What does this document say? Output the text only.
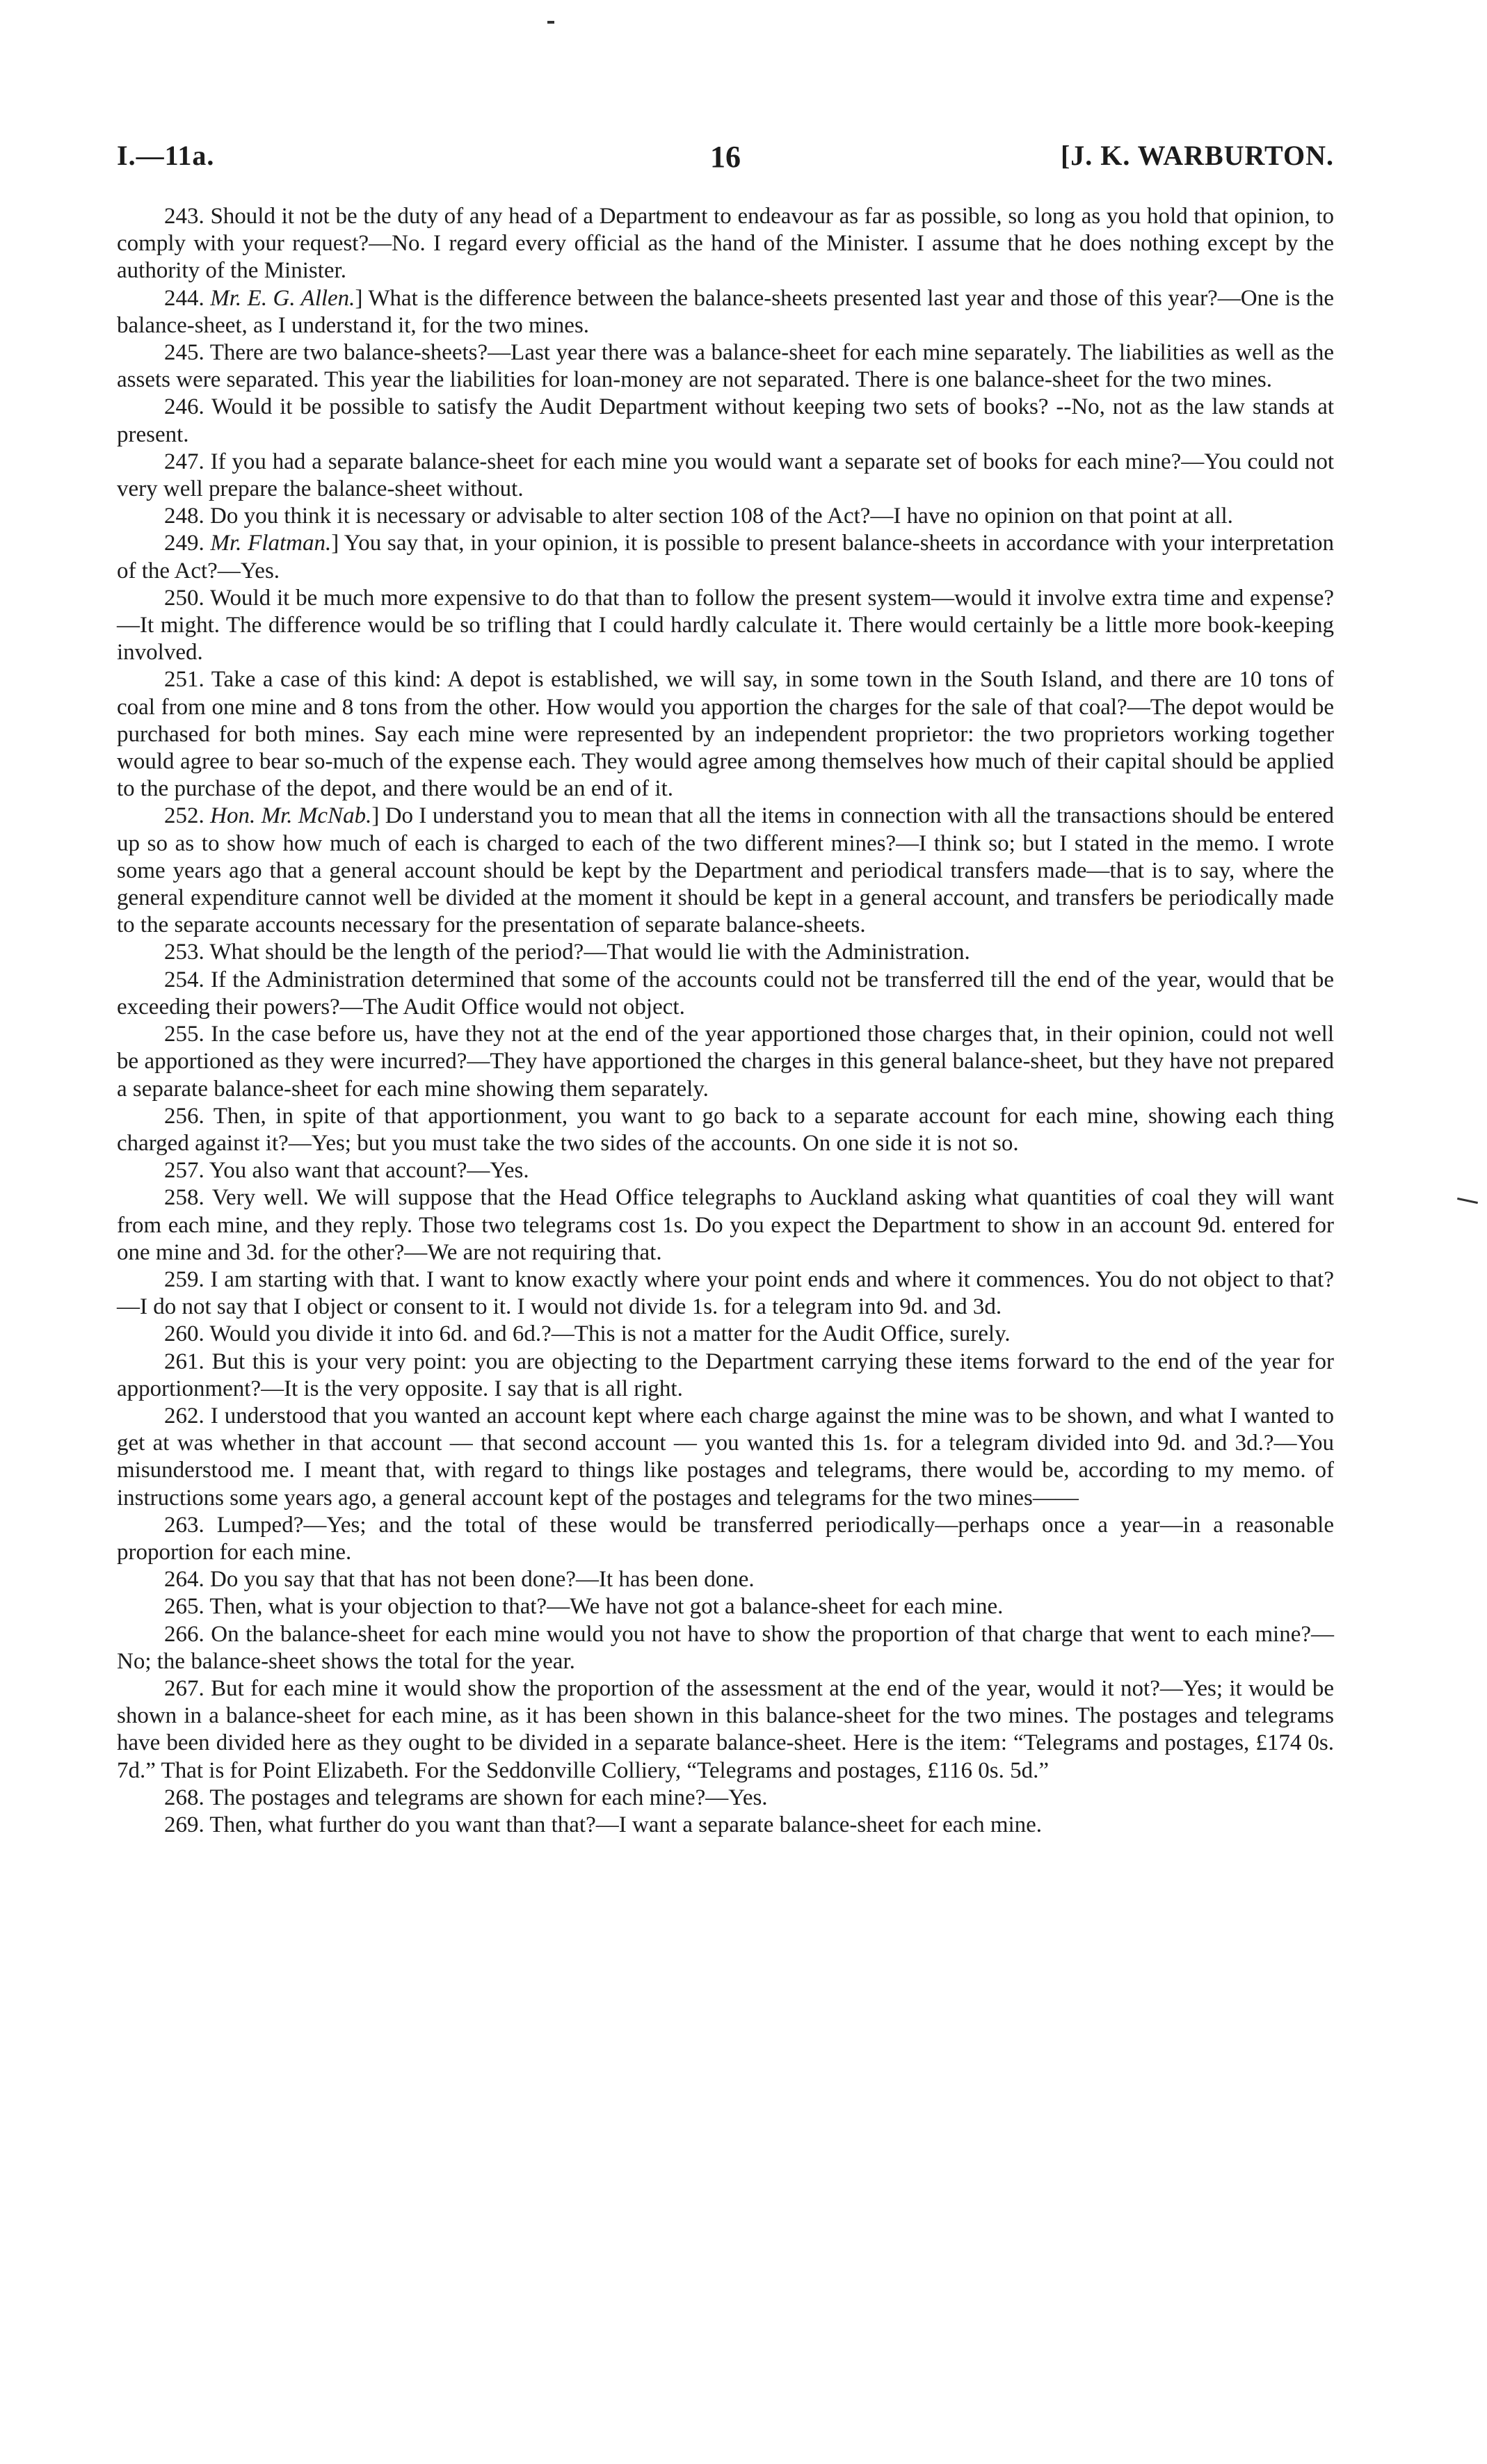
I.—11a.	16	[J. K. WARBURTON.

243. Should it not be the duty of any head of a Department to endeavour as far as possible, so long as you hold that opinion, to comply with your request?—No. I regard every official as the hand of the Minister. I assume that he does nothing except by the authority of the Minister.

244. Mr. E. G. Allen.] What is the difference between the balance-sheets presented last year and those of this year?—One is the balance-sheet, as I understand it, for the two mines.

245. There are two balance-sheets?—Last year there was a balance-sheet for each mine separately. The liabilities as well as the assets were separated. This year the liabilities for loan-money are not separated. There is one balance-sheet for the two mines.

246. Would it be possible to satisfy the Audit Department without keeping two sets of books? --No, not as the law stands at present.

247. If you had a separate balance-sheet for each mine you would want a separate set of books for each mine?—You could not very well prepare the balance-sheet without.

248. Do you think it is necessary or advisable to alter section 108 of the Act?—I have no opinion on that point at all.

249. Mr. Flatman.] You say that, in your opinion, it is possible to present balance-sheets in accordance with your interpretation of the Act?—Yes.

250. Would it be much more expensive to do that than to follow the present system—would it involve extra time and expense?—It might. The difference would be so trifling that I could hardly calculate it. There would certainly be a little more book-keeping involved.

251. Take a case of this kind: A depot is established, we will say, in some town in the South Island, and there are 10 tons of coal from one mine and 8 tons from the other. How would you apportion the charges for the sale of that coal?—The depot would be purchased for both mines. Say each mine were represented by an independent proprietor: the two proprietors working together would agree to bear so-much of the expense each. They would agree among themselves how much of their capital should be applied to the purchase of the depot, and there would be an end of it.

252. Hon. Mr. McNab.] Do I understand you to mean that all the items in connection with all the transactions should be entered up so as to show how much of each is charged to each of the two different mines?—I think so; but I stated in the memo. I wrote some years ago that a general account should be kept by the Department and periodical transfers made—that is to say, where the general expenditure cannot well be divided at the moment it should be kept in a general account, and transfers be periodically made to the separate accounts necessary for the presentation of separate balance-sheets.

253. What should be the length of the period?—That would lie with the Administration.

254. If the Administration determined that some of the accounts could not be transferred till the end of the year, would that be exceeding their powers?—The Audit Office would not object.

255. In the case before us, have they not at the end of the year apportioned those charges that, in their opinion, could not well be apportioned as they were incurred?—They have apportioned the charges in this general balance-sheet, but they have not prepared a separate balance-sheet for each mine showing them separately.

256. Then, in spite of that apportionment, you want to go back to a separate account for each mine, showing each thing charged against it?—Yes; but you must take the two sides of the accounts. On one side it is not so.

257. You also want that account?—Yes.

258. Very well. We will suppose that the Head Office telegraphs to Auckland asking what quantities of coal they will want from each mine, and they reply. Those two telegrams cost 1s. Do you expect the Department to show in an account 9d. entered for one mine and 3d. for the other?—We are not requiring that.

259. I am starting with that. I want to know exactly where your point ends and where it commences. You do not object to that?—I do not say that I object or consent to it. I would not divide 1s. for a telegram into 9d. and 3d.

260. Would you divide it into 6d. and 6d.?—This is not a matter for the Audit Office, surely.

261. But this is your very point: you are objecting to the Department carrying these items forward to the end of the year for apportionment?—It is the very opposite. I say that is all right.

262. I understood that you wanted an account kept where each charge against the mine was to be shown, and what I wanted to get at was whether in that account — that second account — you wanted this 1s. for a telegram divided into 9d. and 3d.?—You misunderstood me. I meant that, with regard to things like postages and telegrams, there would be, according to my memo. of instructions some years ago, a general account kept of the postages and telegrams for the two mines——

263. Lumped?—Yes; and the total of these would be transferred periodically—perhaps once a year—in a reasonable proportion for each mine.

264. Do you say that that has not been done?—It has been done.

265. Then, what is your objection to that?—We have not got a balance-sheet for each mine.

266. On the balance-sheet for each mine would you not have to show the proportion of that charge that went to each mine?—No; the balance-sheet shows the total for the year.

267. But for each mine it would show the proportion of the assessment at the end of the year, would it not?—Yes; it would be shown in a balance-sheet for each mine, as it has been shown in this balance-sheet for the two mines. The postages and telegrams have been divided here as they ought to be divided in a separate balance-sheet. Here is the item: “Telegrams and postages, £174 0s. 7d.” That is for Point Elizabeth. For the Seddonville Colliery, “Telegrams and postages, £116 0s. 5d.”

268. The postages and telegrams are shown for each mine?—Yes.

269. Then, what further do you want than that?—I want a separate balance-sheet for each mine.
